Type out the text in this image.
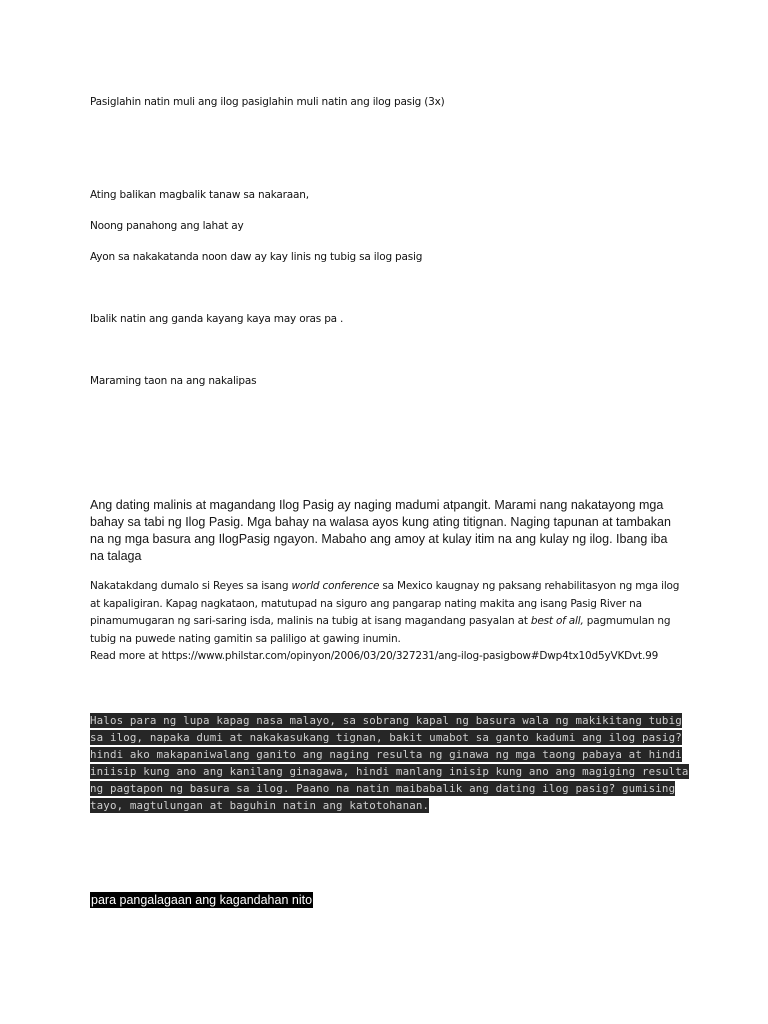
Pasiglahin natin muli ang ilog pasiglahin muli natin ang ilog pasig (3x)

Ating balikan magbalik tanaw sa nakaraan,

Noong panahong ang lahat ay

Ayon sa nakakatanda noon daw ay kay linis ng tubig sa ilog pasig

Ibalik natin ang ganda kayang kaya may oras pa .

Maraming taon na ang nakalipas

Ang dating malinis at magandang Ilog Pasig ay naging madumi atpangit. Marami nang nakatayong mga bahay sa tabi ng Ilog Pasig. Mga bahay na walasa ayos kung ating titignan. Naging tapunan at tambakan na ng mga basura ang IlogPasig ngayon. Mabaho ang amoy at kulay itim na ang kulay ng ilog. Ibang iba na talaga

Nakatakdang dumalo si Reyes sa isang world conference sa Mexico kaugnay ng paksang rehabilitasyon ng mga ilog at kapaligiran. Kapag nagkataon, matutupad na siguro ang pangarap nating makita ang isang Pasig River na pinamumugaran ng sari-saring isda, malinis na tubig at isang magandang pasyalan at best of all, pagmumulan ng tubig na puwede nating gamitin sa paliligo at gawing inumin.
Read more at https://www.philstar.com/opinyon/2006/03/20/327231/ang-ilog-pasigbow#Dwp4tx10d5yVKDvt.99

Halos para ng lupa kapag nasa malayo, sa sobrang kapal ng basura wala ng makikitang tubig sa ilog, napaka dumi at nakakasukang tignan, bakit umabot sa ganto kadumi ang ilog pasig? hindi ako makapaniwalang ganito ang naging resulta ng ginawa ng mga taong pabaya at hindi iniisip kung ano ang kanilang ginagawa, hindi manlang inisip kung ano ang magiging resulta ng pagtapon ng basura sa ilog. Paano na natin maibabalik ang dating ilog pasig? gumising tayo, magtulungan at baguhin natin ang katotohanan.

para pangalagaan ang kagandahan nito
